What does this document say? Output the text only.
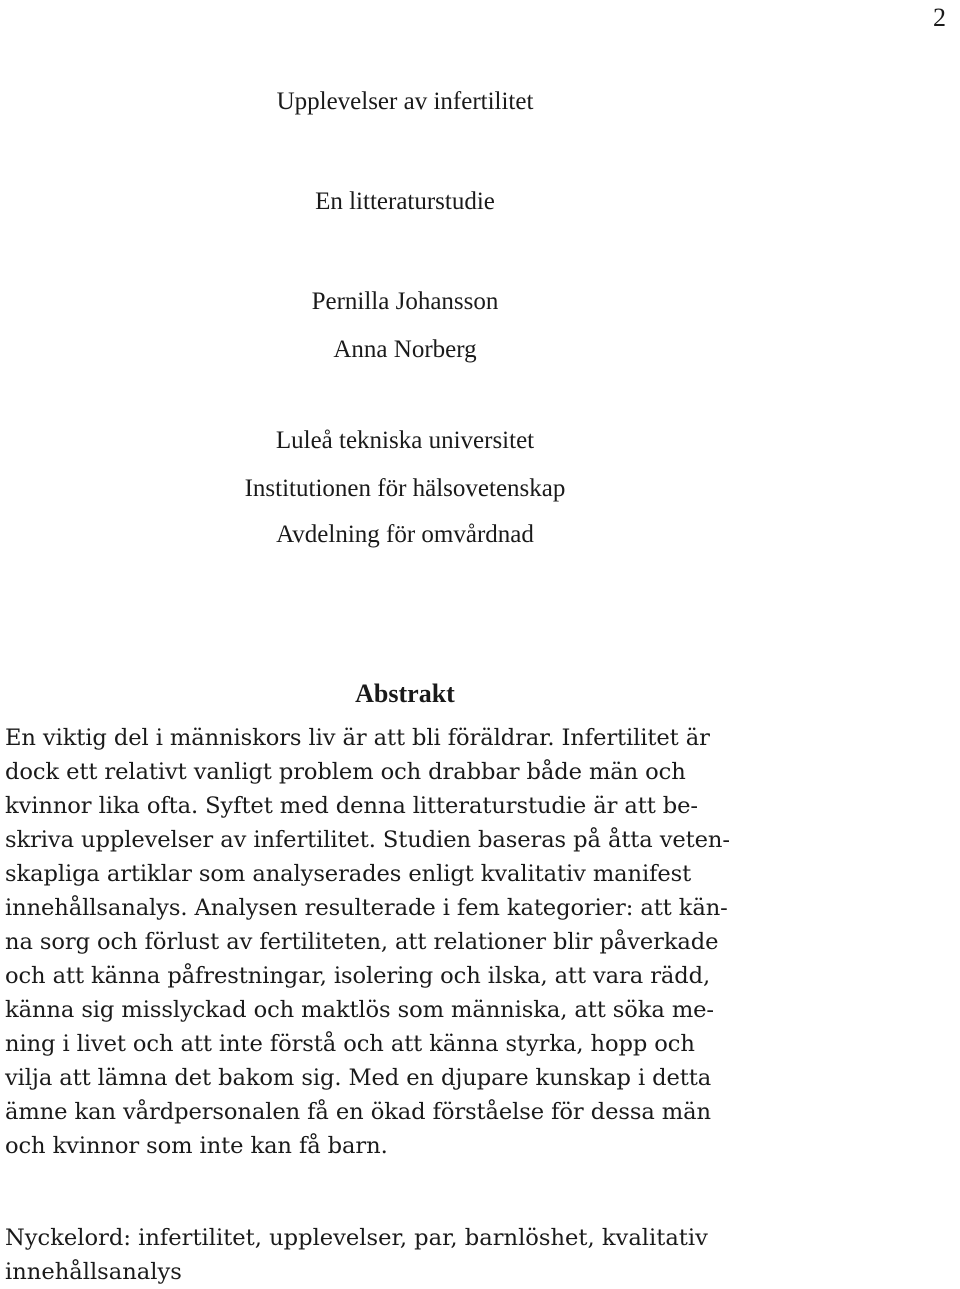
2
Upplevelser av infertilitet
En litteraturstudie
Pernilla Johansson
Anna Norberg
Luleå tekniska universitet
Institutionen för hälsovetenskap
Avdelning för omvårdnad
Abstrakt

En viktig del i människors liv är att bli föräldrar. Infertilitet är
dock ett relativt vanligt problem och drabbar både män och
kvinnor lika ofta. Syftet med denna litteraturstudie är att be-
skriva upplevelser av infertilitet. Studien baseras på åtta veten-
skapliga artiklar som analyserades enligt kvalitativ manifest
innehållsanalys. Analysen resulterade i fem kategorier: att kän-
na sorg och förlust av fertiliteten, att relationer blir påverkade
och att känna påfrestningar, isolering och ilska, att vara rädd,
känna sig misslyckad och maktlös som människa, att söka me-
ning i livet och att inte förstå och att känna styrka, hopp och
vilja att lämna det bakom sig. Med en djupare kunskap i detta
ämne kan vårdpersonalen få en ökad förståelse för dessa män
och kvinnor som inte kan få barn.

Nyckelord: infertilitet, upplevelser, par, barnlöshet, kvalitativ
innehållsanalys
